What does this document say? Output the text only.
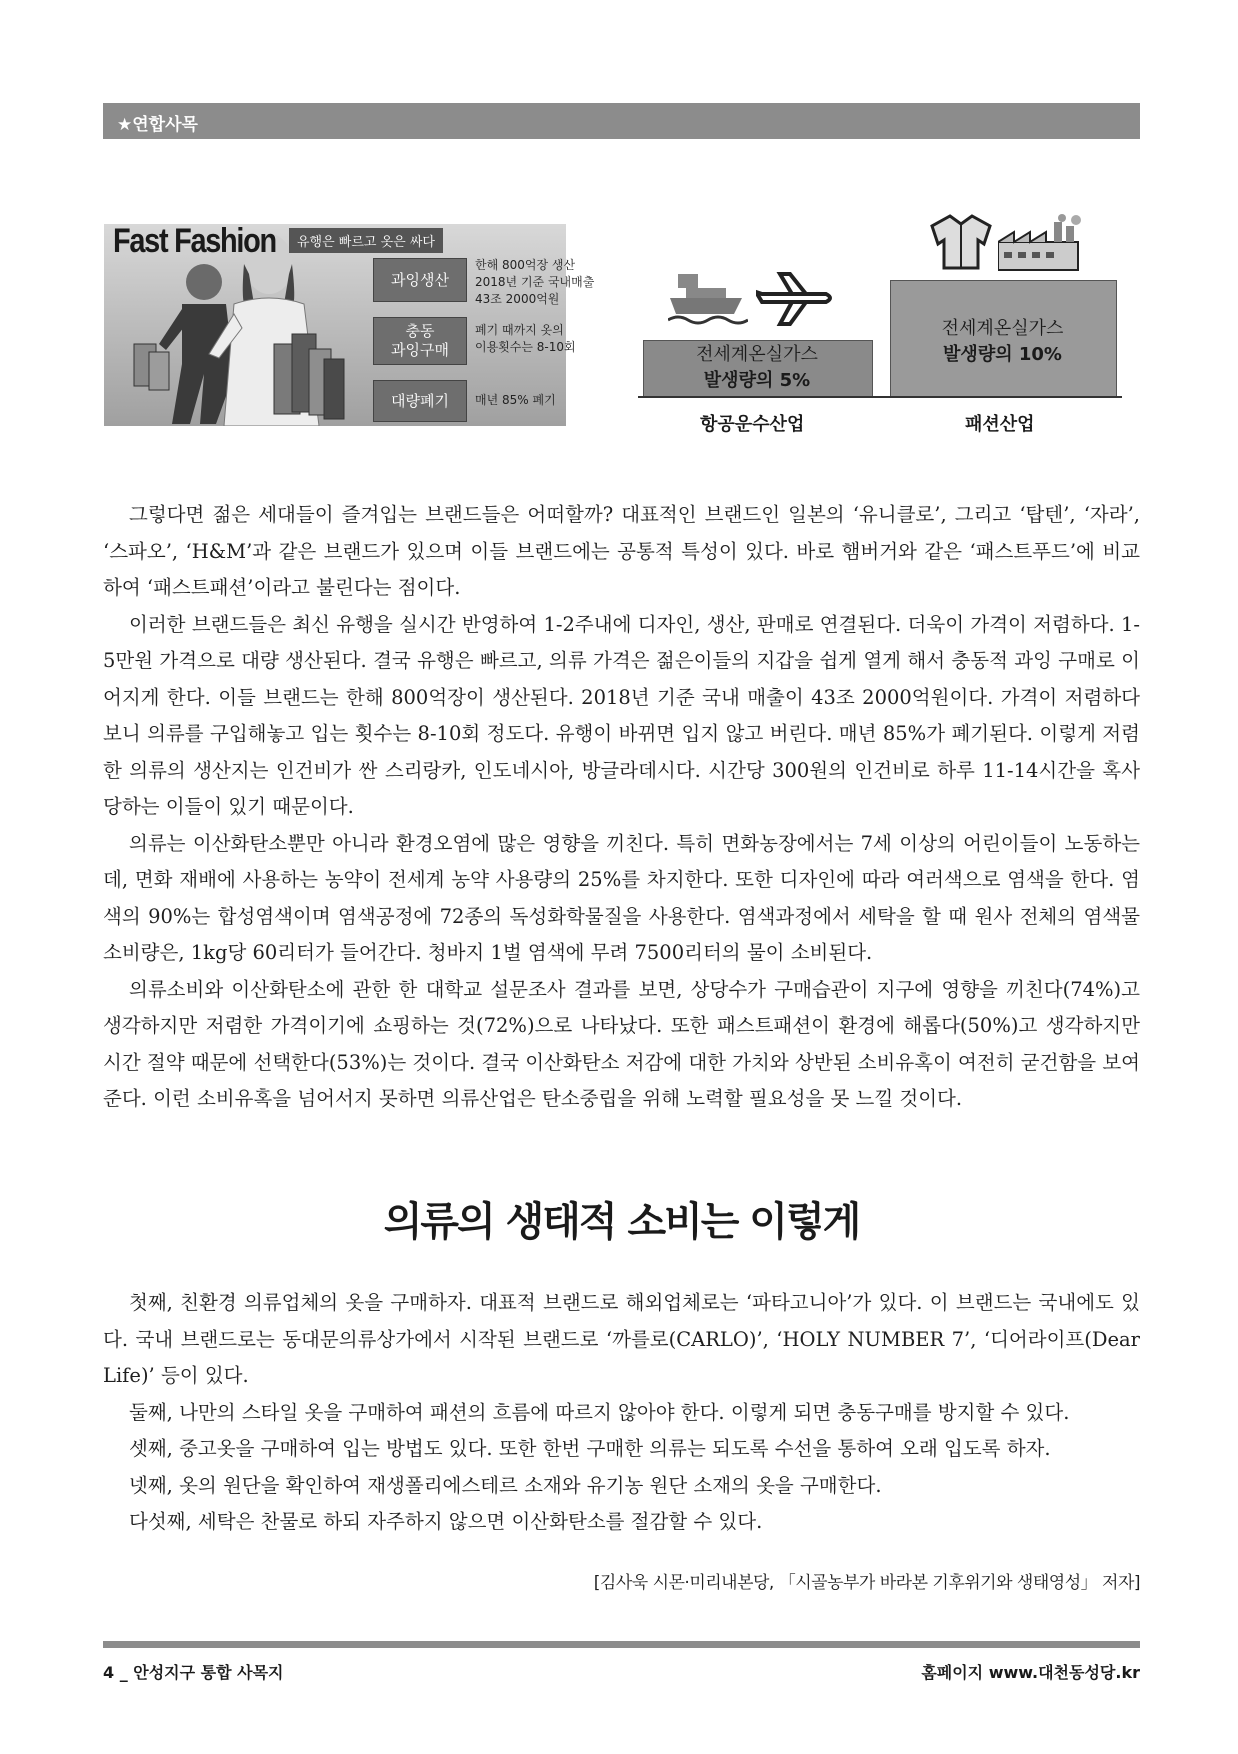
★연합사목
Fast Fashion	유행은 빠르고 옷은 싸다
과잉생산
한해 800억장 생산
2018년 기준 국내매출
43조 2000억원
충동
과잉구매
폐기 때까지 옷의
이용횟수는 8-10회
대량폐기 매년 85% 폐기
전세계온실가스
발생량의 5%
전세계온실가스
발생량의 10%
항공운수산업	패션산업

그렇다면 젊은 세대들이 즐겨입는 브랜드들은 어떠할까? 대표적인 브랜드인 일본의 ‘유니클로’, 그리고 ‘탑텐’, ‘자라’, ‘스파오’, ‘H&M’과 같은 브랜드가 있으며 이들 브랜드에는 공통적 특성이 있다. 바로 햄버거와 같은 ‘패스트푸드’에 비교하여 ‘패스트패션’이라고 불린다는 점이다.

이러한 브랜드들은 최신 유행을 실시간 반영하여 1-2주내에 디자인, 생산, 판매로 연결된다. 더욱이 가격이 저렴하다. 1-5만원 가격으로 대량 생산된다. 결국 유행은 빠르고, 의류 가격은 젊은이들의 지갑을 쉽게 열게 해서 충동적 과잉 구매로 이어지게 한다. 이들 브랜드는 한해 800억장이 생산된다. 2018년 기준 국내 매출이 43조 2000억원이다. 가격이 저렴하다보니 의류를 구입해놓고 입는 횟수는 8-10회 정도다. 유행이 바뀌면 입지 않고 버린다. 매년 85%가 폐기된다. 이렇게 저렴한 의류의 생산지는 인건비가 싼 스리랑카, 인도네시아, 방글라데시다. 시간당 300원의 인건비로 하루 11-14시간을 혹사당하는 이들이 있기 때문이다.

의류는 이산화탄소뿐만 아니라 환경오염에 많은 영향을 끼친다. 특히 면화농장에서는 7세 이상의 어린이들이 노동하는데, 면화 재배에 사용하는 농약이 전세계 농약 사용량의 25%를 차지한다. 또한 디자인에 따라 여러색으로 염색을 한다. 염색의 90%는 합성염색이며 염색공정에 72종의 독성화학물질을 사용한다. 염색과정에서 세탁을 할 때 원사 전체의 염색물 소비량은, 1kg당 60리터가 들어간다. 청바지 1벌 염색에 무려 7500리터의 물이 소비된다.

의류소비와 이산화탄소에 관한 한 대학교 설문조사 결과를 보면, 상당수가 구매습관이 지구에 영향을 끼친다(74%)고 생각하지만 저렴한 가격이기에 쇼핑하는 것(72%)으로 나타났다. 또한 패스트패션이 환경에 해롭다(50%)고 생각하지만 시간 절약 때문에 선택한다(53%)는 것이다. 결국 이산화탄소 저감에 대한 가치와 상반된 소비유혹이 여전히 굳건함을 보여준다. 이런 소비유혹을 넘어서지 못하면 의류산업은 탄소중립을 위해 노력할 필요성을 못 느낄 것이다.

의류의 생태적 소비는 이렇게

첫째, 친환경 의류업체의 옷을 구매하자. 대표적 브랜드로 해외업체로는 ‘파타고니아’가 있다. 이 브랜드는 국내에도 있다. 국내 브랜드로는 동대문의류상가에서 시작된 브랜드로 ‘까를로(CARLO)’, ‘HOLY NUMBER 7’, ‘디어라이프(Dear Life)’ 등이 있다.

둘째, 나만의 스타일 옷을 구매하여 패션의 흐름에 따르지 않아야 한다. 이렇게 되면 충동구매를 방지할 수 있다.

셋째, 중고옷을 구매하여 입는 방법도 있다. 또한 한번 구매한 의류는 되도록 수선을 통하여 오래 입도록 하자.

넷째, 옷의 원단을 확인하여 재생폴리에스테르 소재와 유기농 원단 소재의 옷을 구매한다.

다섯째, 세탁은 찬물로 하되 자주하지 않으면 이산화탄소를 절감할 수 있다.

[김사욱 시몬·미리내본당, 「시골농부가 바라본 기후위기와 생태영성」 저자]
4 _ 안성지구 통합 사목지	홈페이지 www.대천동성당.kr
